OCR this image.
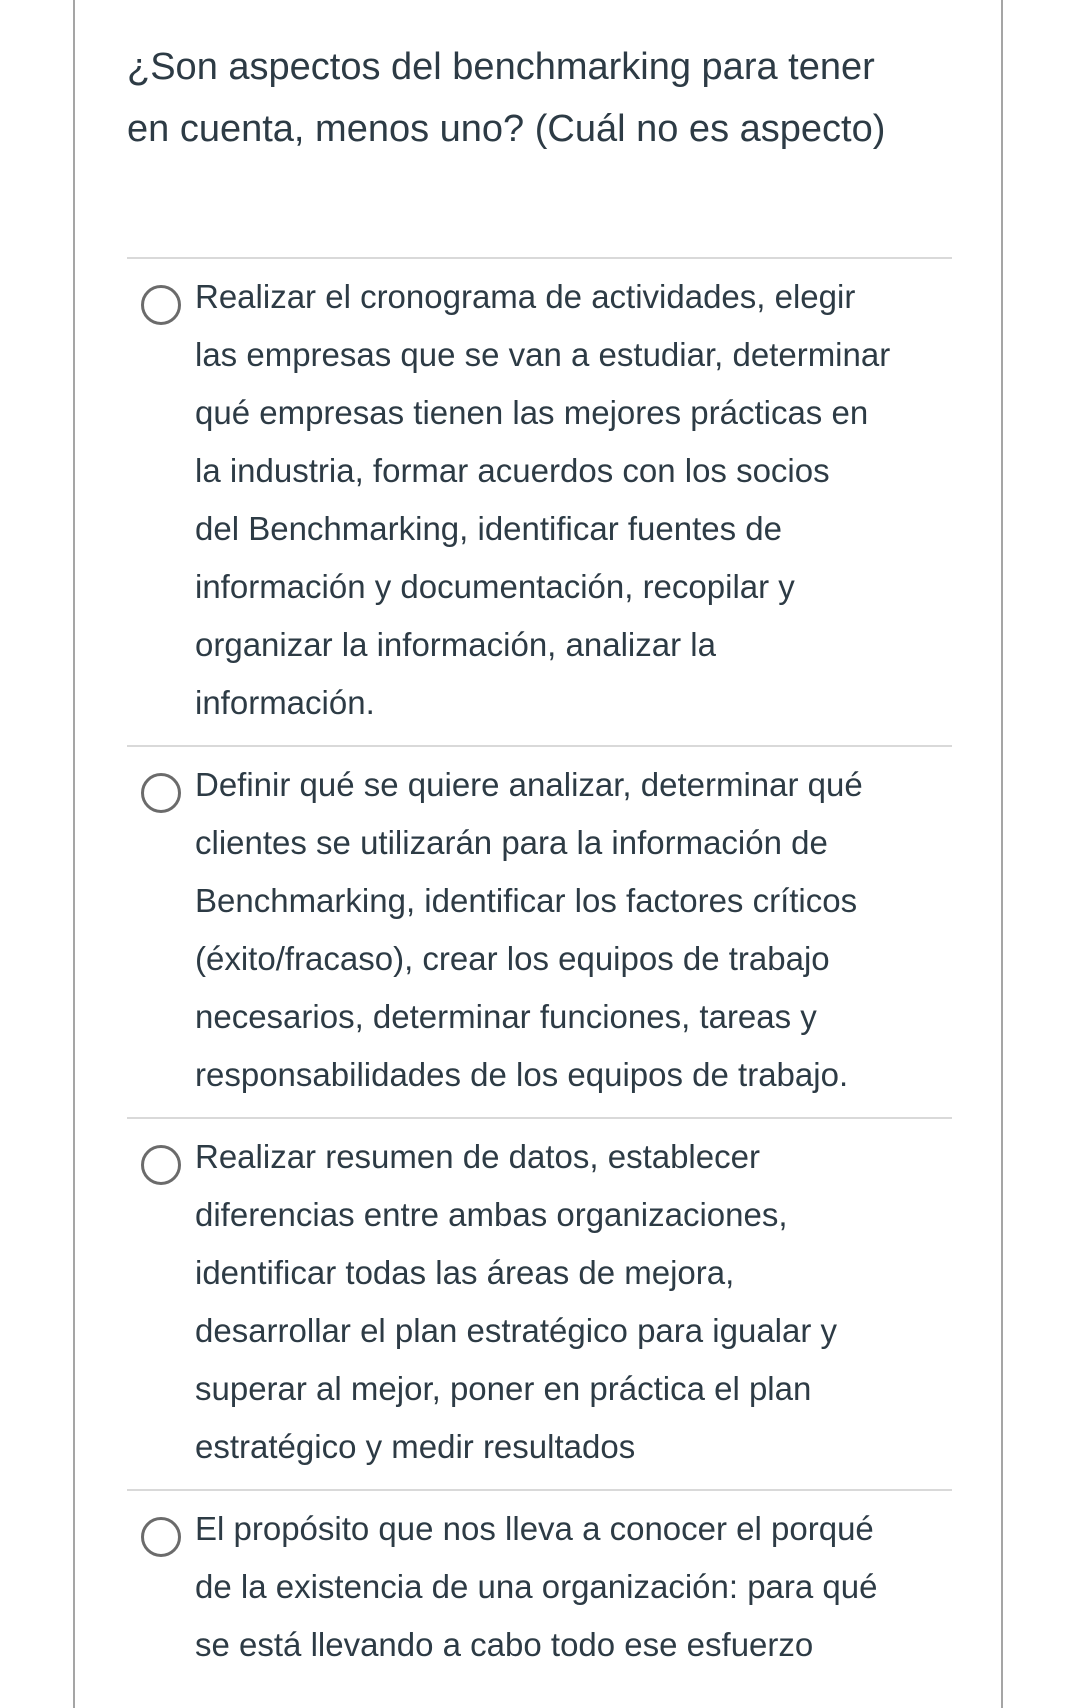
¿Son aspectos del benchmarking para tener
en cuenta, menos uno? (Cuál no es aspecto)
Realizar el cronograma de actividades, elegir
las empresas que se van a estudiar, determinar
qué empresas tienen las mejores prácticas en
la industria, formar acuerdos con los socios
del Benchmarking, identificar fuentes de
información y documentación, recopilar y
organizar la información, analizar la
información.
Definir qué se quiere analizar, determinar qué
clientes se utilizarán para la información de
Benchmarking, identificar los factores críticos
(éxito/fracaso), crear los equipos de trabajo
necesarios, determinar funciones, tareas y
responsabilidades de los equipos de trabajo.
Realizar resumen de datos, establecer
diferencias entre ambas organizaciones,
identificar todas las áreas de mejora,
desarrollar el plan estratégico para igualar y
superar al mejor, poner en práctica el plan
estratégico y medir resultados
El propósito que nos lleva a conocer el porqué
de la existencia de una organización: para qué
se está llevando a cabo todo ese esfuerzo
